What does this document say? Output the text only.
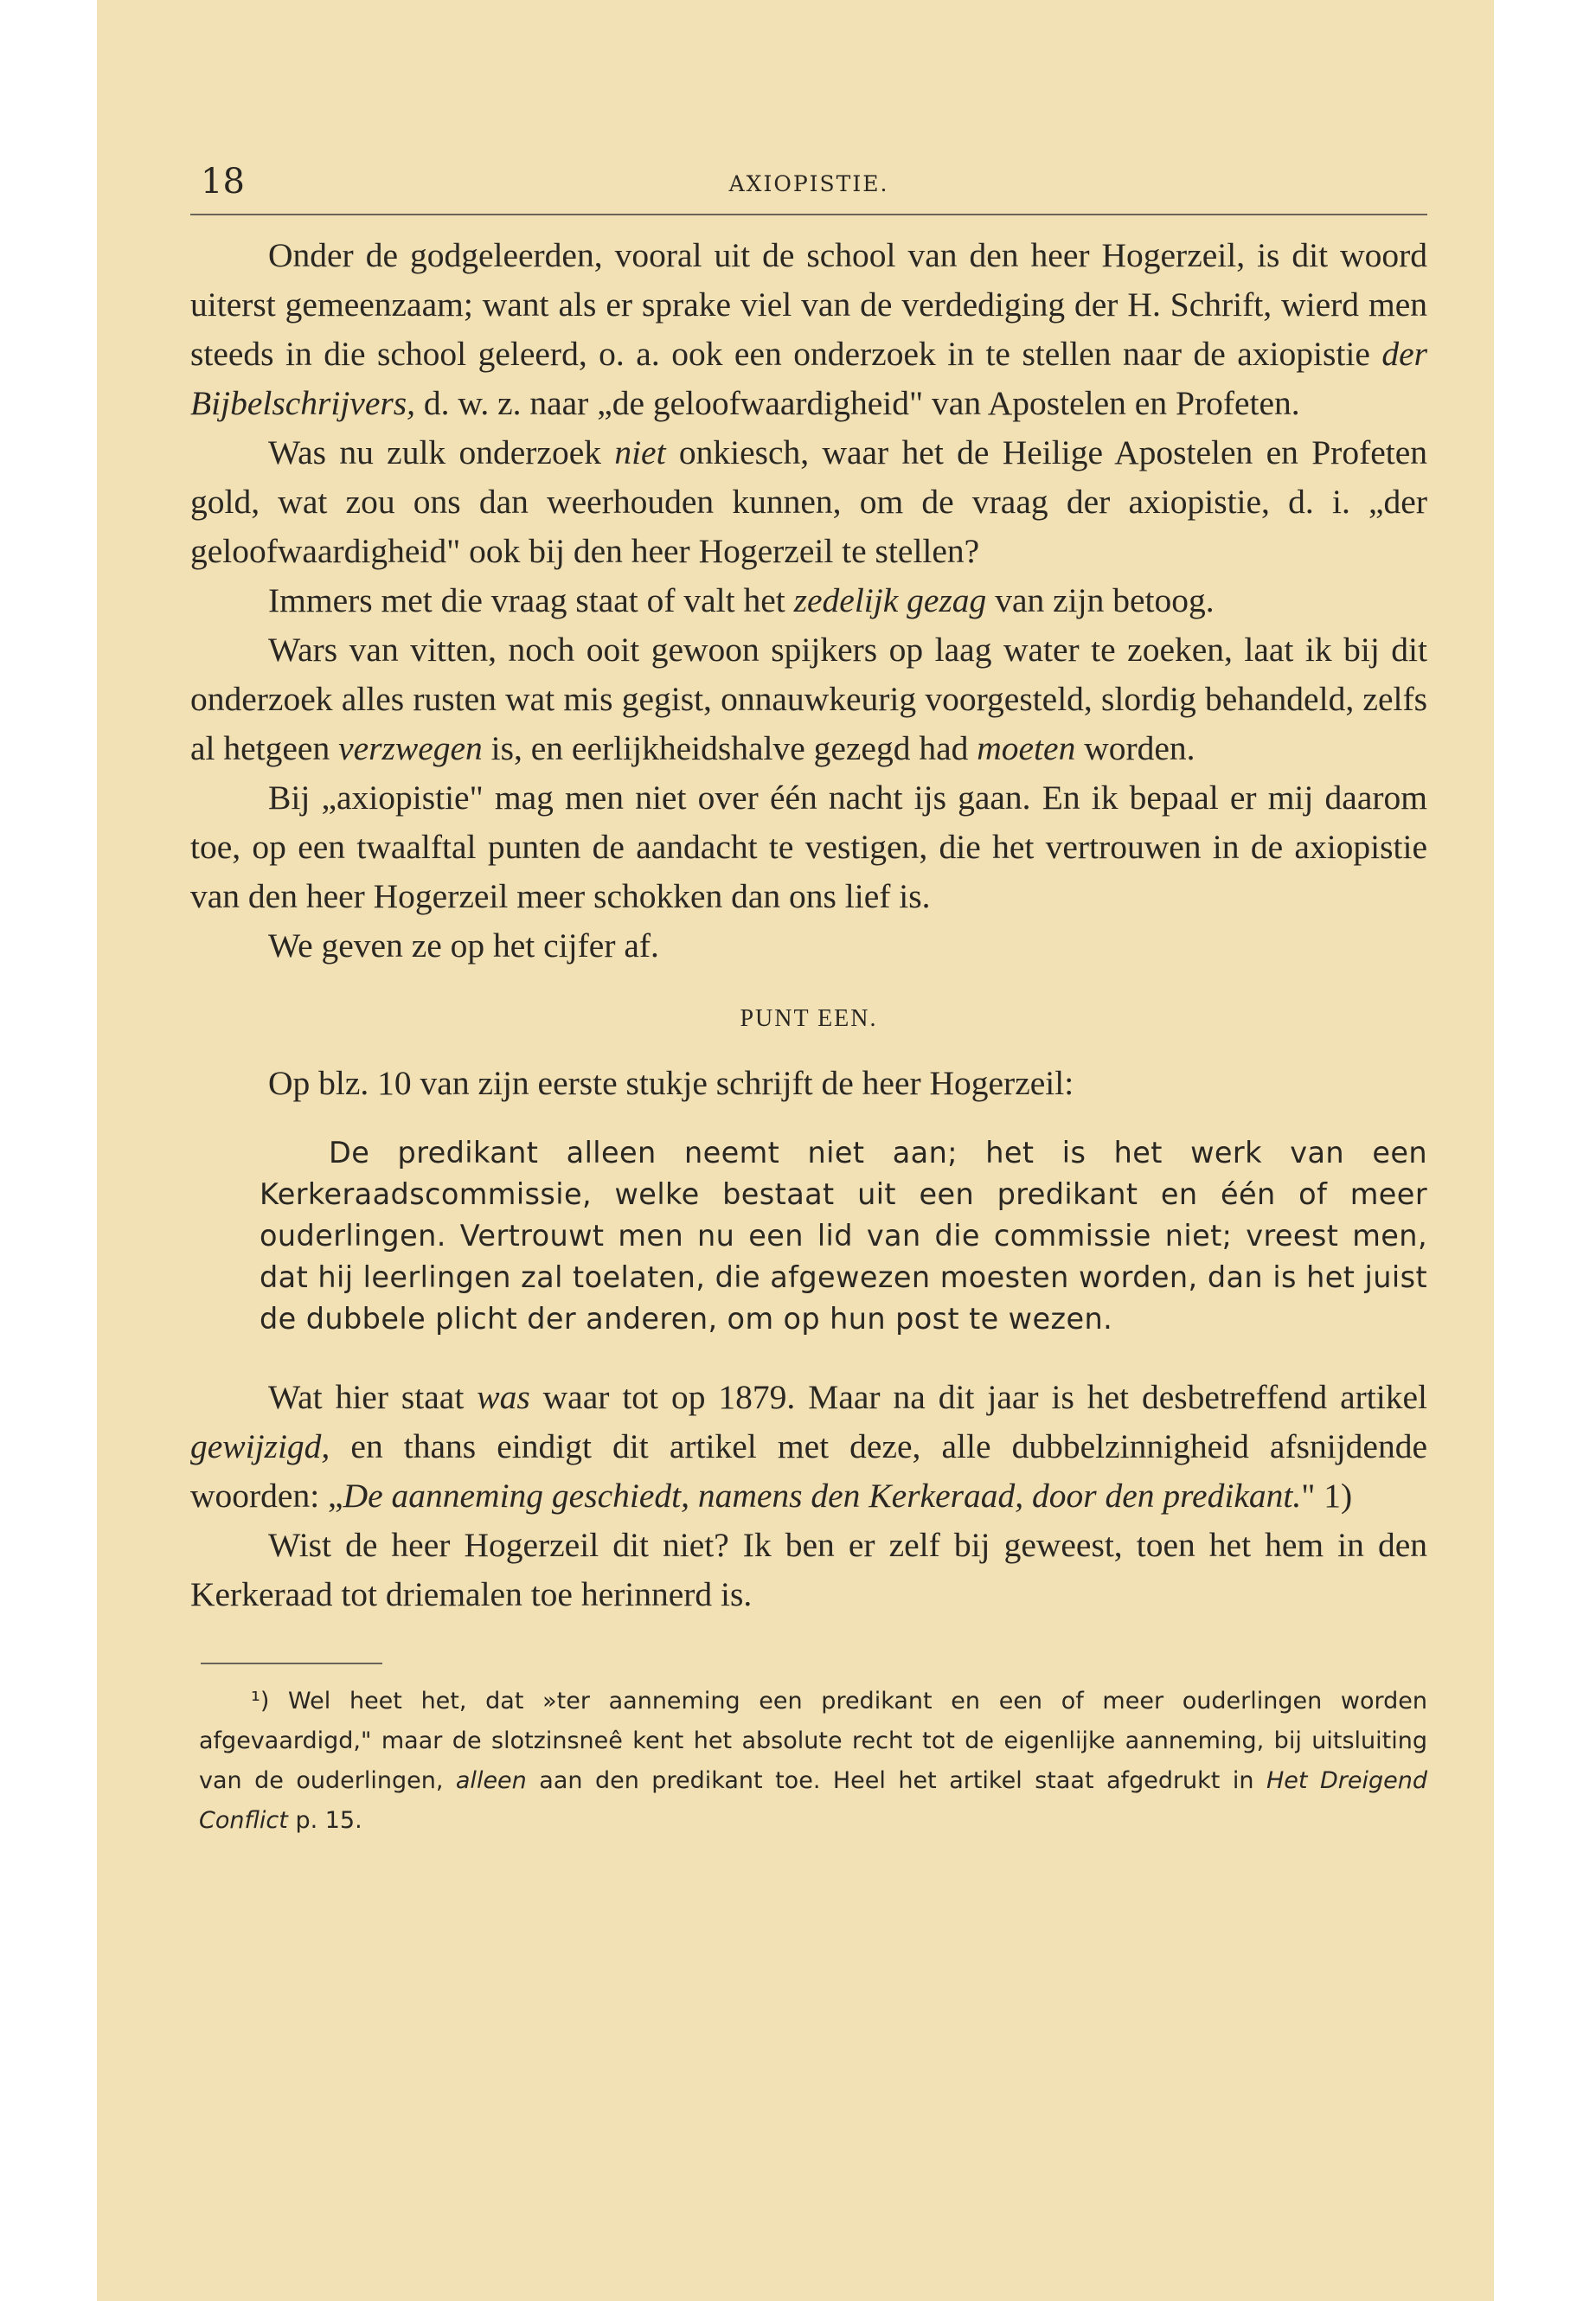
18	AXIOPISTIE.

Onder de godgeleerden, vooral uit de school van den heer Hogerzeil, is dit woord uiterst gemeenzaam; want als er sprake viel van de verdediging der H. Schrift, wierd men steeds in die school geleerd, o. a. ook een onderzoek in te stellen naar de axiopistie der Bijbelschrijvers, d. w. z. naar „de geloofwaardigheid" van Apostelen en Profeten.

Was nu zulk onderzoek niet onkiesch, waar het de Heilige Apostelen en Profeten gold, wat zou ons dan weerhouden kunnen, om de vraag der axiopistie, d. i. „der geloofwaardigheid" ook bij den heer Hogerzeil te stellen?

Immers met die vraag staat of valt het zedelijk gezag van zijn betoog.

Wars van vitten, noch ooit gewoon spijkers op laag water te zoeken, laat ik bij dit onderzoek alles rusten wat mis gegist, onnauwkeurig voorgesteld, slordig behandeld, zelfs al hetgeen verzwegen is, en eerlijkheidshalve gezegd had moeten worden.

Bij „axiopistie" mag men niet over één nacht ijs gaan. En ik bepaal er mij daarom toe, op een twaalftal punten de aandacht te vestigen, die het vertrouwen in de axiopistie van den heer Hogerzeil meer schokken dan ons lief is.

We geven ze op het cijfer af.

PUNT EEN.

Op blz. 10 van zijn eerste stukje schrijft de heer Hogerzeil:

De predikant alleen neemt niet aan; het is het werk van een Kerkeraadscommissie, welke bestaat uit een predikant en één of meer ouderlingen. Vertrouwt men nu een lid van die commissie niet; vreest men, dat hij leerlingen zal toelaten, die afgewezen moesten worden, dan is het juist de dubbele plicht der anderen, om op hun post te wezen.

Wat hier staat was waar tot op 1879. Maar na dit jaar is het desbetreffend artikel gewijzigd, en thans eindigt dit artikel met deze, alle dubbelzinnigheid afsnijdende woorden: „De aanneming geschiedt, namens den Kerkeraad, door den predikant." 1)

Wist de heer Hogerzeil dit niet? Ik ben er zelf bij geweest, toen het hem in den Kerkeraad tot driemalen toe herinnerd is.

¹) Wel heet het, dat »ter aanneming een predikant en een of meer ouderlingen worden afgevaardigd," maar de slotzinsneê kent het absolute recht tot de eigenlijke aanneming, bij uitsluiting van de ouderlingen, alleen aan den predikant toe. Heel het artikel staat afgedrukt in Het Dreigend Conflict p. 15.
